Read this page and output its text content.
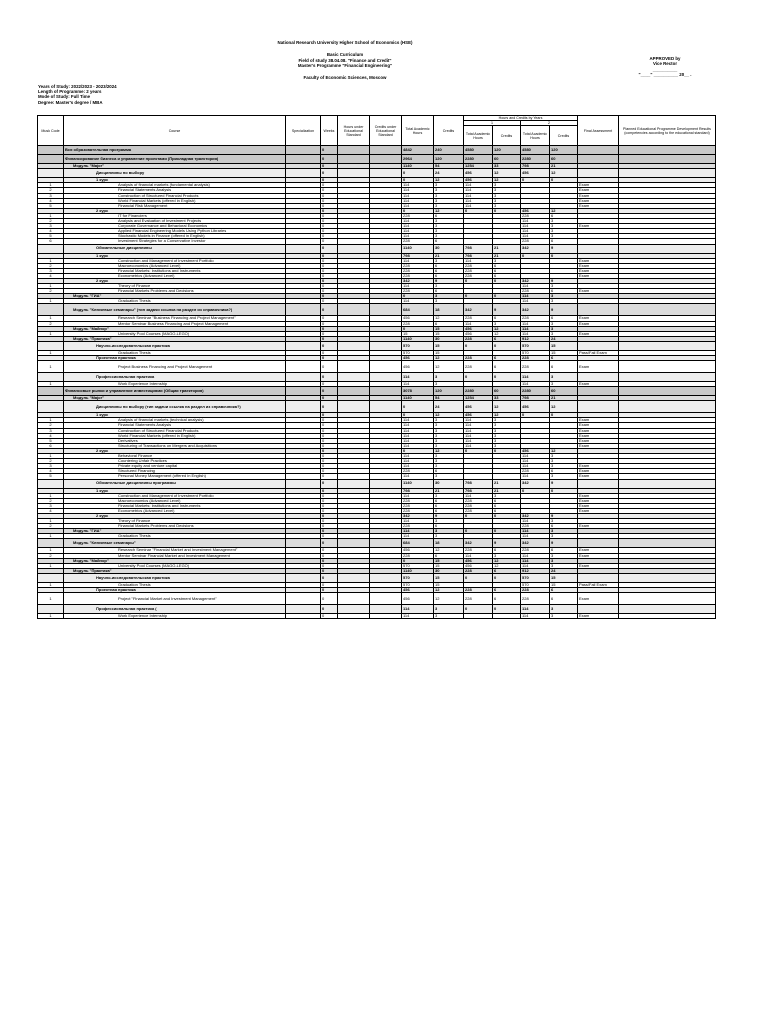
National Research University Higher School of Economics (HSE)
Basic Curriculum
Field of study 38.04.08. "Finance and Credit"
Master's Programme "Financial Engineering"
Faculty of Economic Sciences, Moscow
APPROVED by
Vice Rector
__________
"____" __________ 20__ .
Years of Study: 2022/2023 - 2023/2024
Length of Programme: 2 years
Mode of Study: Full Time
Degree: Master's degree / MBA
Musk Code	Course	Specialization	Weeks	Hours under Educational Standard	Credits under Educational Standard	Total Academic Hours	Credits	Hours and Credits by Years				Final Assessment	Planned Educational Programme Development Results (competencies according to the educational standard)
								1		2			
								Total Academic Hours	Credits	Total Academic Hours	Credits		
	Вся образовательная программа		0			4842	240	4580	120	4580	120		
	Финансирование бизнеса и управление проектами (Прикладная траектория)		0			2964	120	2280	60	2280	60		
	Модуль "Major"		0			1140	54	1254	33	798	21		
	Дисциплины по выбору		0			0	24	456	12	456	12		
	1 курс		0			0	12	456	12	0	0		
1	Analysis of financial markets (fundamental analysis)		0			114	3	114	3			Exam	
2	Financial Statements Analysis		0			114	3	114	3			Exam	
3	Construction of Structured Financial Products		0			114	3	114	3			Exam	
4	World Financial Markets (offered in English)		0			114	3	114	3			Exam	
5	Financial Risk Management		0			114	3	114	3			Exam	
	2 курс		0			0	12	0	0	456	12		
1	IT for Financiers		0			228	6			228	6		
2	Analysis and Evaluation of Investment Projects		0			114	3			114	3		
3	Corporate Governance and Behavioral Economics		0			114	3			114	3	Exam	
4	Applied Financial Engineering Models Using Python Libraries		0			114	3			114	3		
5	Stochastic Models in Finance (offered in English)		0			114	3			114	3		
6	Investment Strategies for a Conservative Investor		0			228	6			228	6		
	Обязательные дисциплины		0			1140	30	798	21	342	9		
	1 курс		0			798	21	798	21	0	0		
1	Construction and Management of Investment Portfolio		0			114	3	114	3			Exam	
2	Macroeconomics (Advanced Level)		0			228	6	228	6			Exam	
3	Financial Markets: Institutions and Instruments		0			228	6	228	6			Exam	
4	Econometrics (Advanced Level)		0			228	6	228	6			Exam	
	2 курс		0			342	9	0	0	342	9		
1	Theory of Finance		0			114	3			114	3		
2	Financial Markets Problems and Decisions		0			228	6			228	6	Exam	
	Модуль "ГИА"		0			0	3	0	0	114	3		
1	Graduation Thesis		0			114	3			114	3		
	Модуль "Ключевые семинары" (тип задачи ссылка на раздел из справочника?)		0			684	18	342	9	342	9		
1	Research Seminar "Business Financing and Project Management"		0			456	12	228	6	228	6	Exam	
2	Mentor Seminar Business Financing and Project Management		0			228	6	114	3	114	3	Exam	
	Модуль "Майнор"		0			0	15	456	12	114	3		
1	University Pool Courses (MAGO-LEGO)		0			15	15	456	12	114	3	Exam	
	Модуль "Практика"		0			1140	30	228	6	912	24		
	Научно-исследовательская практика		0			570	15	0	0	570	15		
1	Graduation Thesis		0			570	15			570	15	Pass/Fail Exam	
	Проектная практика		0			456	12	228	6	228	6		
1	Project Business Financing and Project Management		0			456	12	228	6	228	6	Exam	
	Профессиональная практика		0			114	3	0	0	114	3		
1	Work Experience Internship		0			114	3			114	3	Exam	
	Финансовые рынки и управление инвестициями (Общая траектория)		0			3078	120	2280	60	2280	60		
	Модуль "Major"		0			1140	54	1254	33	798	21		
	Дисциплины по выбору (тип задачи ссылка на раздел из справочника?)		0			0	24	456	12	456	12		
	1 курс		0			0	12	456	12	0	0		
1	Analysis of financial markets (technical analysis)		0			114	3	114	3			Exam	
2	Financial Statements Analysis		0			114	3	114	3			Exam	
3	Construction of Structured Financial Products		0			114	3	114	3			Exam	
4	World Financial Markets (offered in English)		0			114	3	114	3			Exam	
5	Derivatives		0			114	3	114	3			Exam	
6	Structuring of Transactions on Mergers and Acquisitions		0			114	3	114	3			Exam	
	2 курс		0			0	12	0	0	456	12		
1	Behavioral Finance		0			114	3			114	3		
2	Countering Unfair Practices		0			114	3			114	3		
3	Private equity and venture capital		0			114	3			114	3	Exam	
4	Structured Financing		0			228	6			228	6	Exam	
5	Personal Money Management (offered in English)		0			114	3			114	3	Exam	
	Обязательные дисциплины программы		0			1140	30	798	21	342	9		
	1 курс		0			798	21	798	21	0	0		
1	Construction and Management of Investment Portfolio		0			114	3	114	3			Exam	
2	Macroeconomics (Advanced Level)		0			228	6	228	6			Exam	
3	Financial Markets: Institutions and Instruments		0			228	6	228	6			Exam	
4	Econometrics (Advanced Level)		0			228	6	228	6			Exam	
	2 курс		0			342	9	0	0	342	9		
1	Theory of Finance		0			114	3			114	3		
2	Financial Markets Problems and Decisions		0			228	6			228	6	Exam	
	Модуль "ГИА"		0			114	3	0	0	114	3		
1	Graduation Thesis		0			114	3			114	3		
	Модуль "Ключевые семинары"		0			684	18	342	9	342	9		
1	Research Seminar "Financial Market and Investment Management"		0			456	12	228	6	228	6	Exam	
2	Mentor Seminar Financial Market and Investment Management		0			228	6	114	3	114	3	Exam	
	Модуль "Майнор"		0			0	15	456	12	114	3		
1	University Pool Courses (MAGO-LEGO)		0			570	15	456	12	114	3	Exam	
	Модуль "Практика"		0			1140	30	228	6	912	24		
	Научно-исследовательская практика		0			570	15	0	0	570	15		
1	Graduation Thesis		0			570	15			570	15	Pass/Fail Exam	
	Проектная практика		0			456	12	228	6	228	6		
1	Project "Financial Market and Investment Management"		0			456	12	228	6	228	6	Exam	
	Профессиональная практика (		0			114	3	0	0	114	3		
1	Work Experience Internship		0			114	3			114	3	Exam	
